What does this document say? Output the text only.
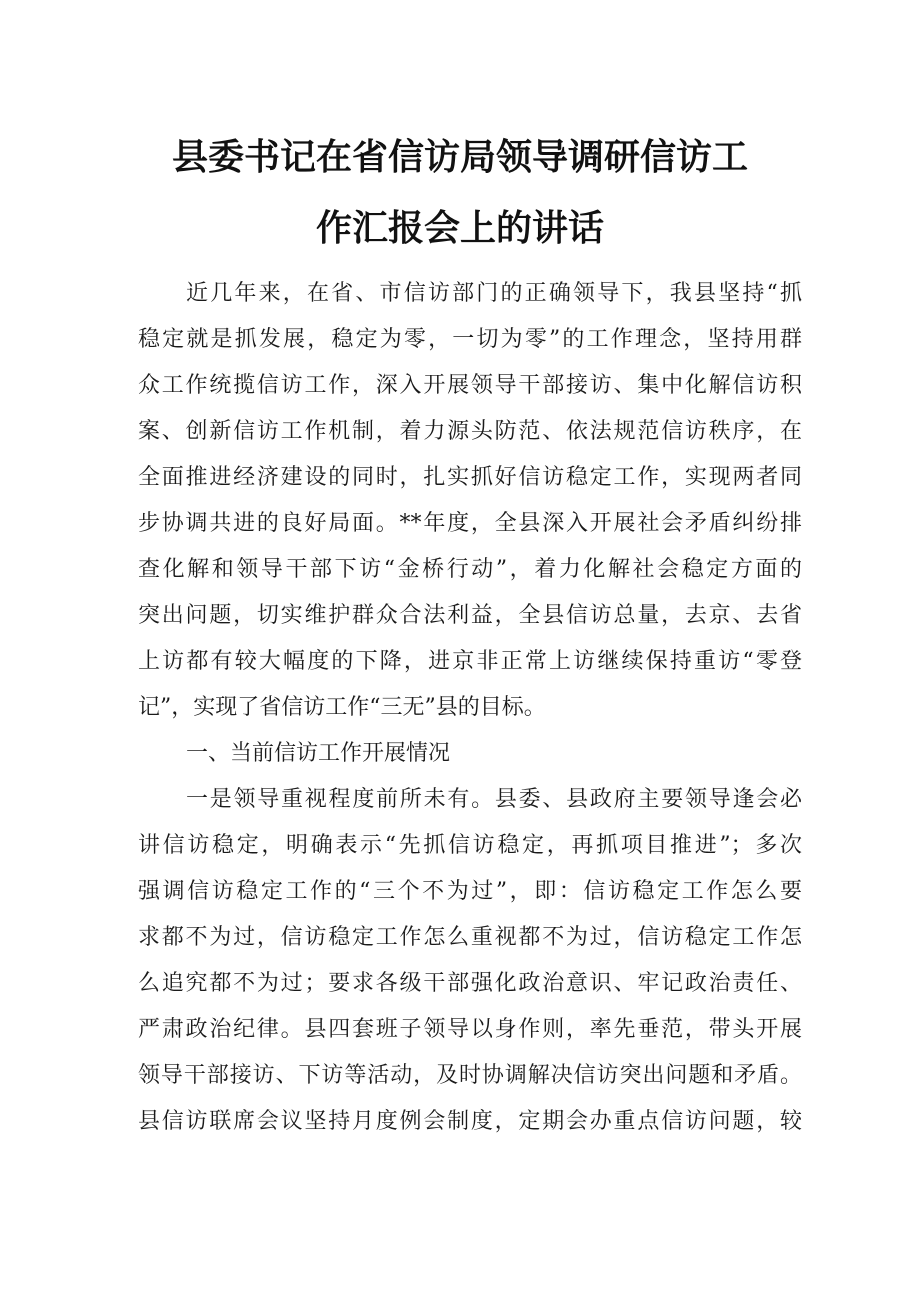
县委书记在省信访局领导调研信访工
作汇报会上的讲话
近几年来，在省、市信访部门的正确领导下，我县坚持“抓
稳定就是抓发展，稳定为零，一切为零”的工作理念，坚持用群
众工作统揽信访工作，深入开展领导干部接访、集中化解信访积
案、创新信访工作机制，着力源头防范、依法规范信访秩序，在
全面推进经济建设的同时，扎实抓好信访稳定工作，实现两者同
步协调共进的良好局面。**年度，全县深入开展社会矛盾纠纷排
查化解和领导干部下访“金桥行动”，着力化解社会稳定方面的
突出问题，切实维护群众合法利益，全县信访总量，去京、去省
上访都有较大幅度的下降，进京非正常上访继续保持重访“零登
记”，实现了省信访工作“三无”县的目标。
一、当前信访工作开展情况
一是领导重视程度前所未有。县委、县政府主要领导逢会必
讲信访稳定，明确表示“先抓信访稳定，再抓项目推进”；多次
强调信访稳定工作的“三个不为过”，即：信访稳定工作怎么要
求都不为过，信访稳定工作怎么重视都不为过，信访稳定工作怎
么追究都不为过；要求各级干部强化政治意识、牢记政治责任、
严肃政治纪律。县四套班子领导以身作则，率先垂范，带头开展
领导干部接访、下访等活动，及时协调解决信访突出问题和矛盾。
县信访联席会议坚持月度例会制度，定期会办重点信访问题，较
